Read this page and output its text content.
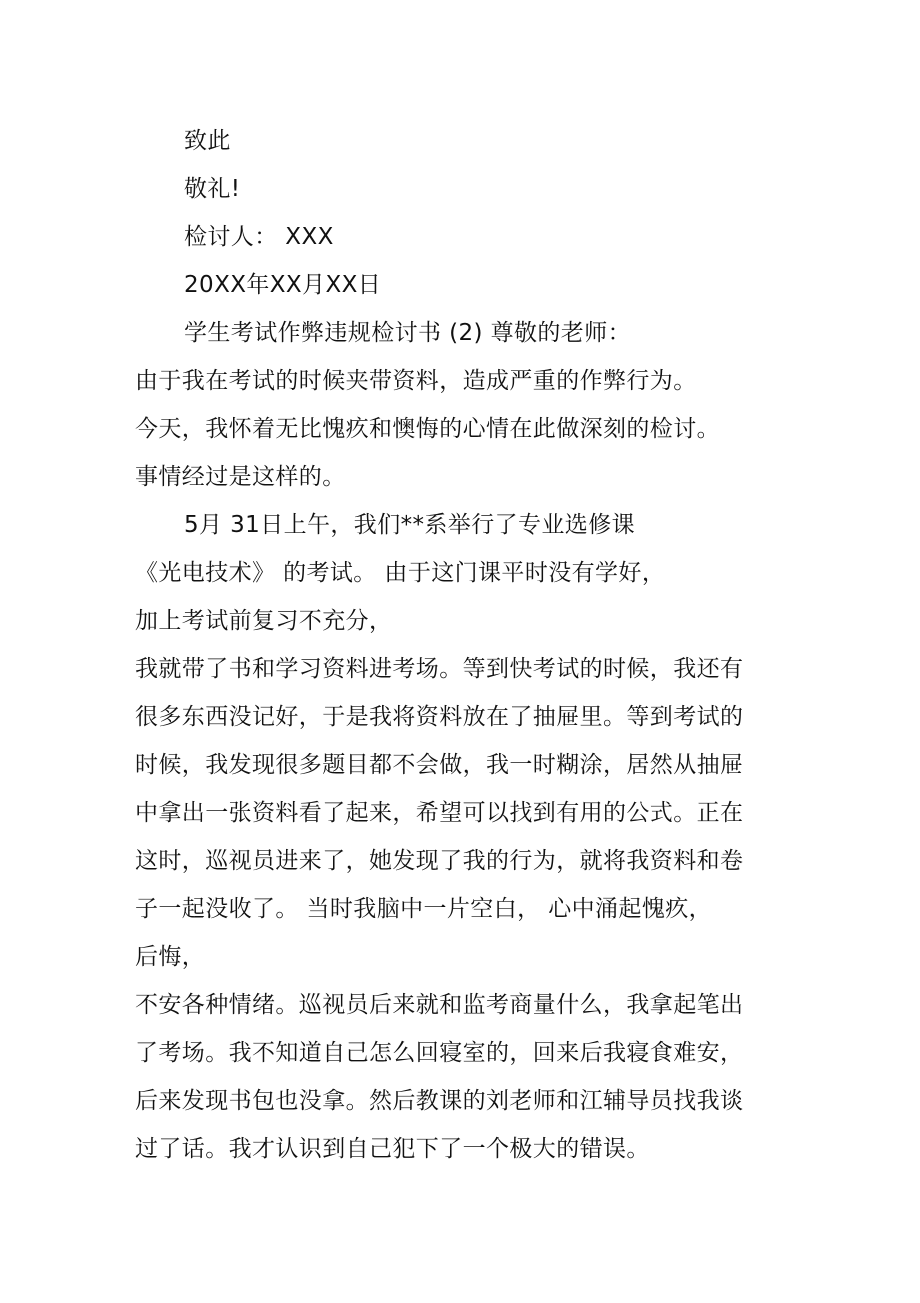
致此
敬礼!
检讨人： XXX
20XX年XX月XX日
学生考试作弊违规检讨书 (2) 尊敬的老师：
由于我在考试的时候夹带资料，造成严重的作弊行为。
今天，我怀着无比愧疚和懊悔的心情在此做深刻的检讨。
事情经过是这样的。
5月 31日上午，我们**系举行了专业选修课
《光电技术》 的考试。 由于这门课平时没有学好，
加上考试前复习不充分，
我就带了书和学习资料进考场。等到快考试的时候，我还有
很多东西没记好，于是我将资料放在了抽屉里。等到考试的
时候，我发现很多题目都不会做，我一时糊涂，居然从抽屉
中拿出一张资料看了起来，希望可以找到有用的公式。正在
这时，巡视员进来了，她发现了我的行为，就将我资料和卷
子一起没收了。 当时我脑中一片空白， 心中涌起愧疚，
后悔，
不安各种情绪。巡视员后来就和监考商量什么，我拿起笔出
了考场。我不知道自己怎么回寝室的，回来后我寝食难安，
后来发现书包也没拿。然后教课的刘老师和江辅导员找我谈
过了话。我才认识到自己犯下了一个极大的错误。
